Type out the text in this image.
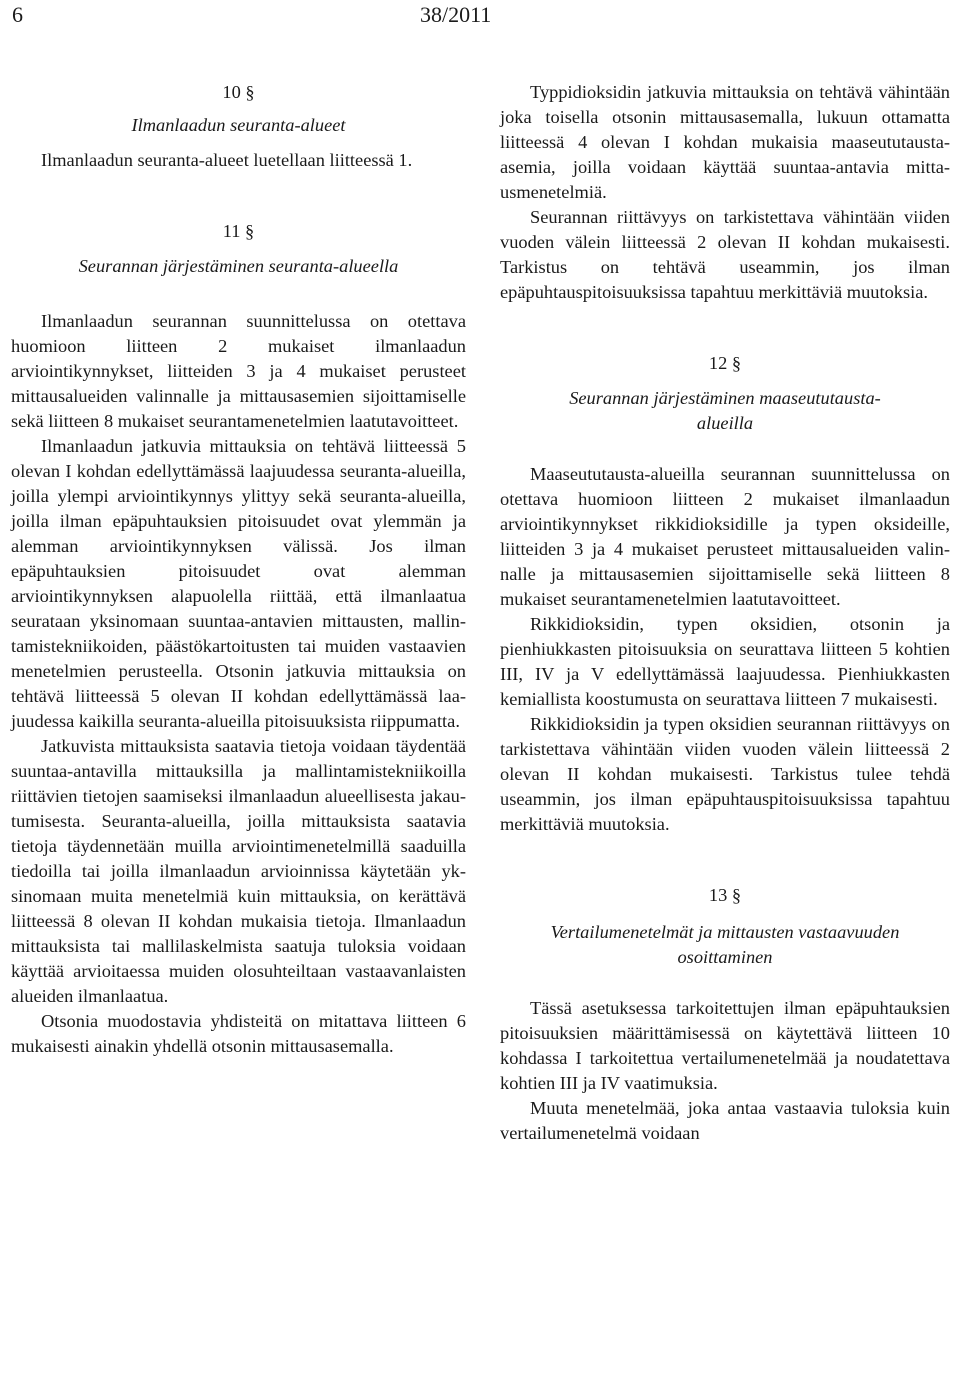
6	38/2011

10 §

Ilmanlaadun seuranta-alueet

Ilmanlaadun seuranta-alueet luetellaan liitteessä 1.

11 §

Seurannan järjestäminen seuranta-alueella

Ilmanlaadun seurannan suunnittelussa on otettava huomioon liitteen 2 mukaiset ilmanlaadun arviointikynnykset, liitteiden 3 ja 4 mukaiset perusteet mittausalueiden valinnalle ja mittausasemien sijoittamiselle sekä liitteen 8 mukaiset seurantamenetelmien laatutavoitteet.

Ilmanlaadun jatkuvia mittauksia on tehtävä liitteessä 5 olevan I kohdan edellyttämässä laajuudessa seuranta-alueilla, joilla ylempi arviointikynnys ylittyy sekä seuranta-alueilla, joilla ilman epäpuhtauksien pitoisuudet ovat ylemmän ja alemman arviointikynnyksen välissä. Jos ilman epäpuhtauksien pitoisuudet ovat alemman arviointikynnyksen alapuolella riittää, että ilmanlaatua seurataan yksinomaan suuntaa-antavien mittausten, mallintamistekniikoiden, päästökartoitusten tai muiden vastaavien menetelmien perusteella. Otsonin jatkuvia mittauksia on tehtävä liitteessä 5 olevan II kohdan edellyttämässä laajuudessa kaikilla seuranta-alueilla pitoisuuksista riippumatta.

Jatkuvista mittauksista saatavia tietoja voidaan täydentää suuntaa-antavilla mittauksilla ja mallintamistekniikoilla riittävien tietojen saamiseksi ilmanlaadun alueellisesta jakautumisesta. Seuranta-alueilla, joilla mittauksista saatavia tietoja täydennetään muilla arviointimenetelmillä saaduilla tiedoilla tai joilla ilmanlaadun arvioinnissa käytetään yksinomaan muita menetelmiä kuin mittauksia, on kerättävä liitteessä 8 olevan II kohdan mukaisia tietoja. Ilmanlaadun mittauksista tai mallilaskelmista saatuja tuloksia voidaan käyttää arvioitaessa muiden olosuhteiltaan vastaavanlaisten alueiden ilmanlaatua.

Otsonia muodostavia yhdisteitä on mitattava liitteen 6 mukaisesti ainakin yhdellä otsonin mittausasemalla.

Typpidioksidin jatkuvia mittauksia on tehtävä vähintään joka toisella otsonin mittausasemalla, lukuun ottamatta liitteessä 4 olevan I kohdan mukaisia maaseututausta-asemia, joilla voidaan käyttää suuntaa-antavia mittausmenetelmiä.

Seurannan riittävyys on tarkistettava vähintään viiden vuoden välein liitteessä 2 olevan II kohdan mukaisesti. Tarkistus on tehtävä useammin, jos ilman epäpuhtauspitoisuuksissa tapahtuu merkittäviä muutoksia.

12 §

Seurannan järjestäminen maaseututaustaalueilla

Maaseututausta-alueilla seurannan suunnittelussa on otettava huomioon liitteen 2 mukaiset ilmanlaadun arviointikynnykset rikkidioksidille ja typen oksideille, liitteiden 3 ja 4 mukaiset perusteet mittausalueiden valinnalle ja mittausasemien sijoittamiselle sekä liitteen 8 mukaiset seurantamenetelmien laatutavoitteet.

Rikkidioksidin, typen oksidien, otsonin ja pienhiukkasten pitoisuuksia on seurattava liitteen 5 kohtien III, IV ja V edellyttämässä laajuudessa. Pienhiukkasten kemiallista koostumusta on seurattava liitteen 7 mukaisesti.

Rikkidioksidin ja typen oksidien seurannan riittävyys on tarkistettava vähintään viiden vuoden välein liitteessä 2 olevan II kohdan mukaisesti. Tarkistus tulee tehdä useammin, jos ilman epäpuhtauspitoisuuksissa tapahtuu merkittäviä muutoksia.

13 §

Vertailumenetelmät ja mittausten vastaavuuden osoittaminen

Tässä asetuksessa tarkoitettujen ilman epäpuhtauksien pitoisuuksien määrittämisessä on käytettävä liitteen 10 kohdassa I tarkoitettua vertailumenetelmää ja noudatettava kohtien III ja IV vaatimuksia.

Muuta menetelmää, joka antaa vastaavia tuloksia kuin vertailumenetelmä voidaan
